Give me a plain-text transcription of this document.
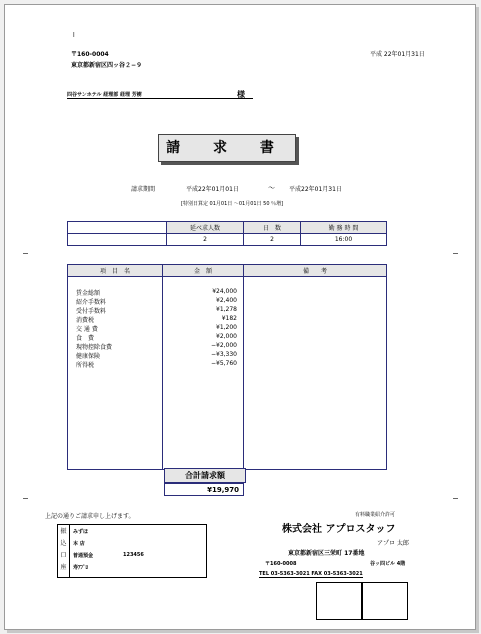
l
平成 22年01月31日
〒160-0004
東京都新宿区四ッ谷２−９
四谷サンホテル 経理部 経理 芳樹	様
請 求 書
請求期間	平成22年01月01日	〜 平成22年01月31日
[特別日算定 01月01日 〜01月01日 50 ％増]
	延べ求人数	日　数	勤 務 時 間
	2	2	16:00
項　目　名	金　額	備　　考

賃金総額	¥24,000
紹介手数料	¥2,400
受付手数料	¥1,278
消費税	¥182
交 通 費	¥1,200
食　費	¥2,000
現物控除食費	−¥2,000
健康保険	−¥3,330
所得税	−¥5,760
合計請求額
¥19,970
上記の通りご請求申し上げます。
振込口座
みずほ
本 店
普通預金	123456
寿ｱﾌﾟﾛ
有料職業紹介許可
株式会社 アプロスタッフ
アプロ 太郎
東京都新宿区三栄町 17番地
〒160-0008	谷ッ四ビル 4階
TEL 03-5363-3021 FAX 03-5363-3021
